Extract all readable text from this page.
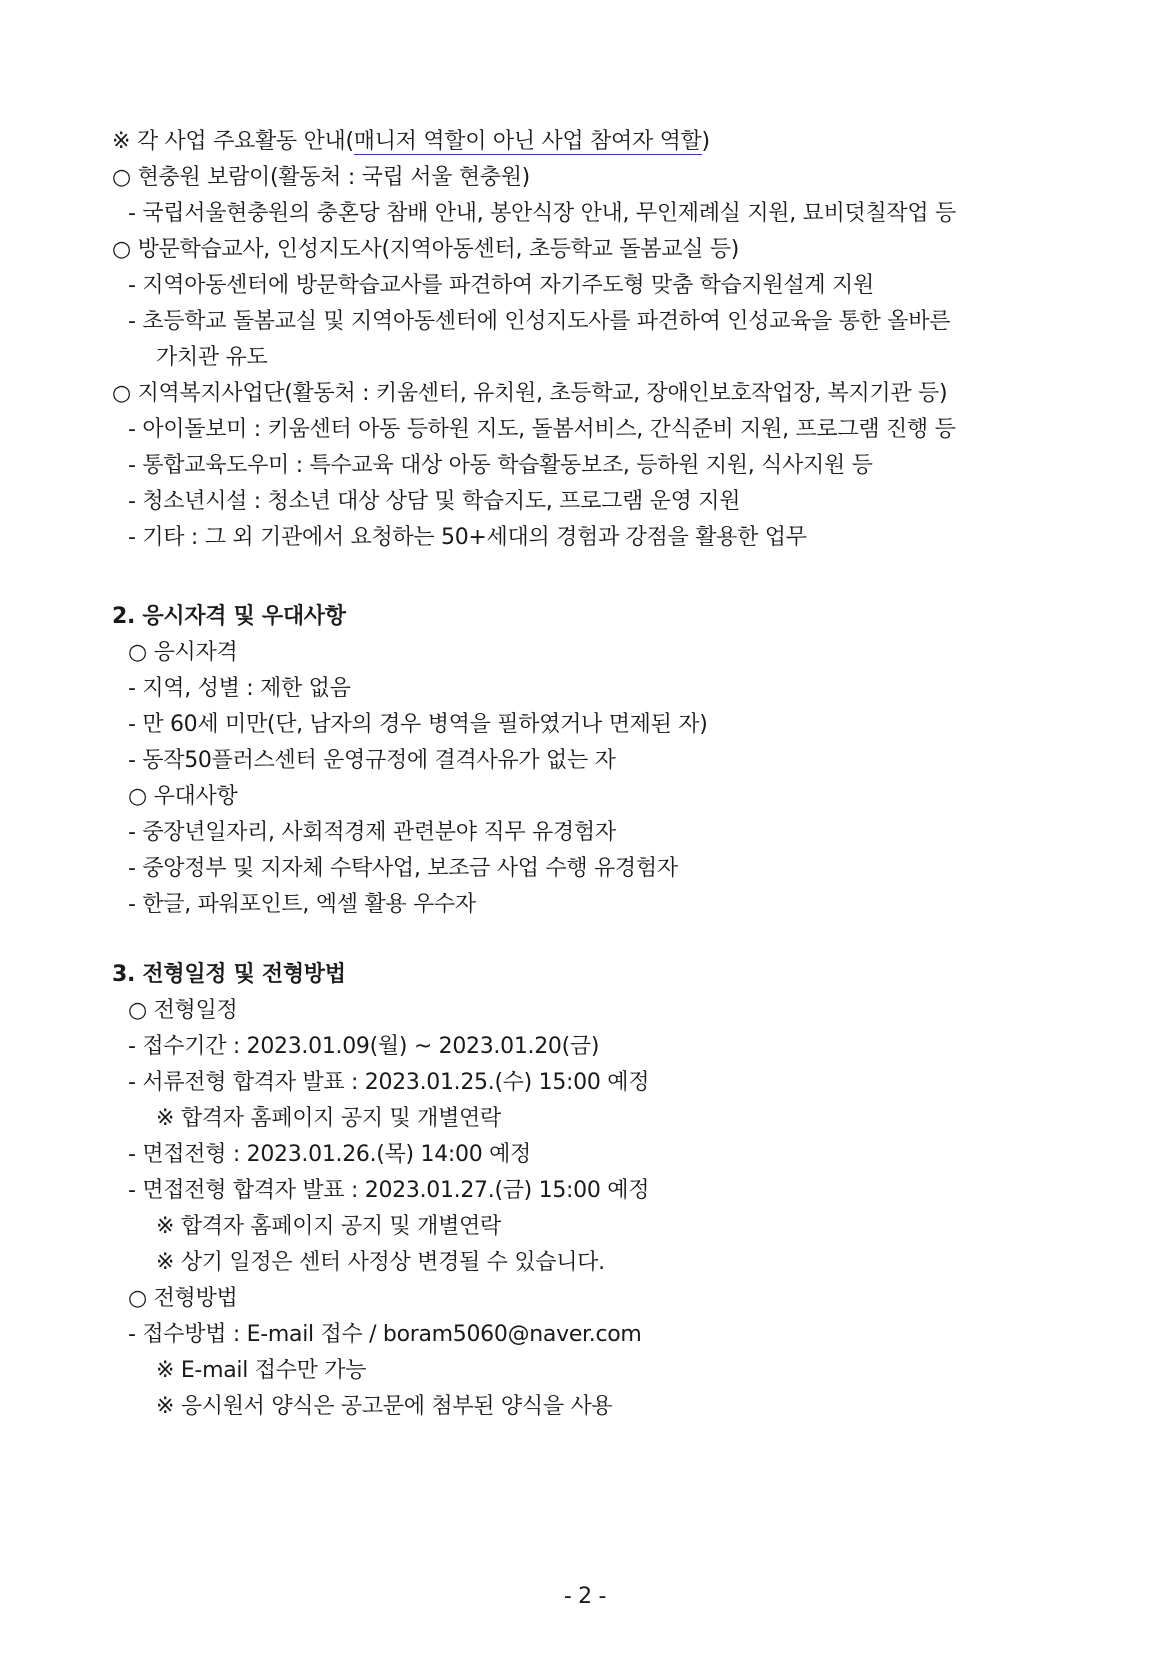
※ 각 사업 주요활동 안내(매니저 역할이 아닌 사업 참여자 역할)
○ 현충원 보람이(활동처 : 국립 서울 현충원)
- 국립서울현충원의 충혼당 참배 안내, 봉안식장 안내, 무인제례실 지원, 묘비덧칠작업 등
○ 방문학습교사, 인성지도사(지역아동센터, 초등학교 돌봄교실 등)
- 지역아동센터에 방문학습교사를 파견하여 자기주도형 맞춤 학습지원설계 지원
- 초등학교 돌봄교실 및 지역아동센터에 인성지도사를 파견하여 인성교육을 통한 올바른
가치관 유도
○ 지역복지사업단(활동처 : 키움센터, 유치원, 초등학교, 장애인보호작업장, 복지기관 등)
- 아이돌보미 : 키움센터 아동 등하원 지도, 돌봄서비스, 간식준비 지원, 프로그램 진행 등
- 통합교육도우미 : 특수교육 대상 아동 학습활동보조, 등하원 지원, 식사지원 등
- 청소년시설 : 청소년 대상 상담 및 학습지도, 프로그램 운영 지원
- 기타 : 그 외 기관에서 요청하는 50+세대의 경험과 강점을 활용한 업무
2. 응시자격 및 우대사항
○ 응시자격
- 지역, 성별 : 제한 없음
- 만 60세 미만(단, 남자의 경우 병역을 필하였거나 면제된 자)
- 동작50플러스센터 운영규정에 결격사유가 없는 자
○ 우대사항
- 중장년일자리, 사회적경제 관련분야 직무 유경험자
- 중앙정부 및 지자체 수탁사업, 보조금 사업 수행 유경험자
- 한글, 파워포인트, 엑셀 활용 우수자
3. 전형일정 및 전형방법
○ 전형일정
- 접수기간 : 2023.01.09(월) ~ 2023.01.20(금)
- 서류전형 합격자 발표 : 2023.01.25.(수) 15:00 예정
※ 합격자 홈페이지 공지 및 개별연락
- 면접전형 : 2023.01.26.(목) 14:00 예정
- 면접전형 합격자 발표 : 2023.01.27.(금) 15:00 예정
※ 합격자 홈페이지 공지 및 개별연락
※ 상기 일정은 센터 사정상 변경될 수 있습니다.
○ 전형방법
- 접수방법 : E-mail 접수 / boram5060@naver.com
※ E-mail 접수만 가능
※ 응시원서 양식은 공고문에 첨부된 양식을 사용
- 2 -
